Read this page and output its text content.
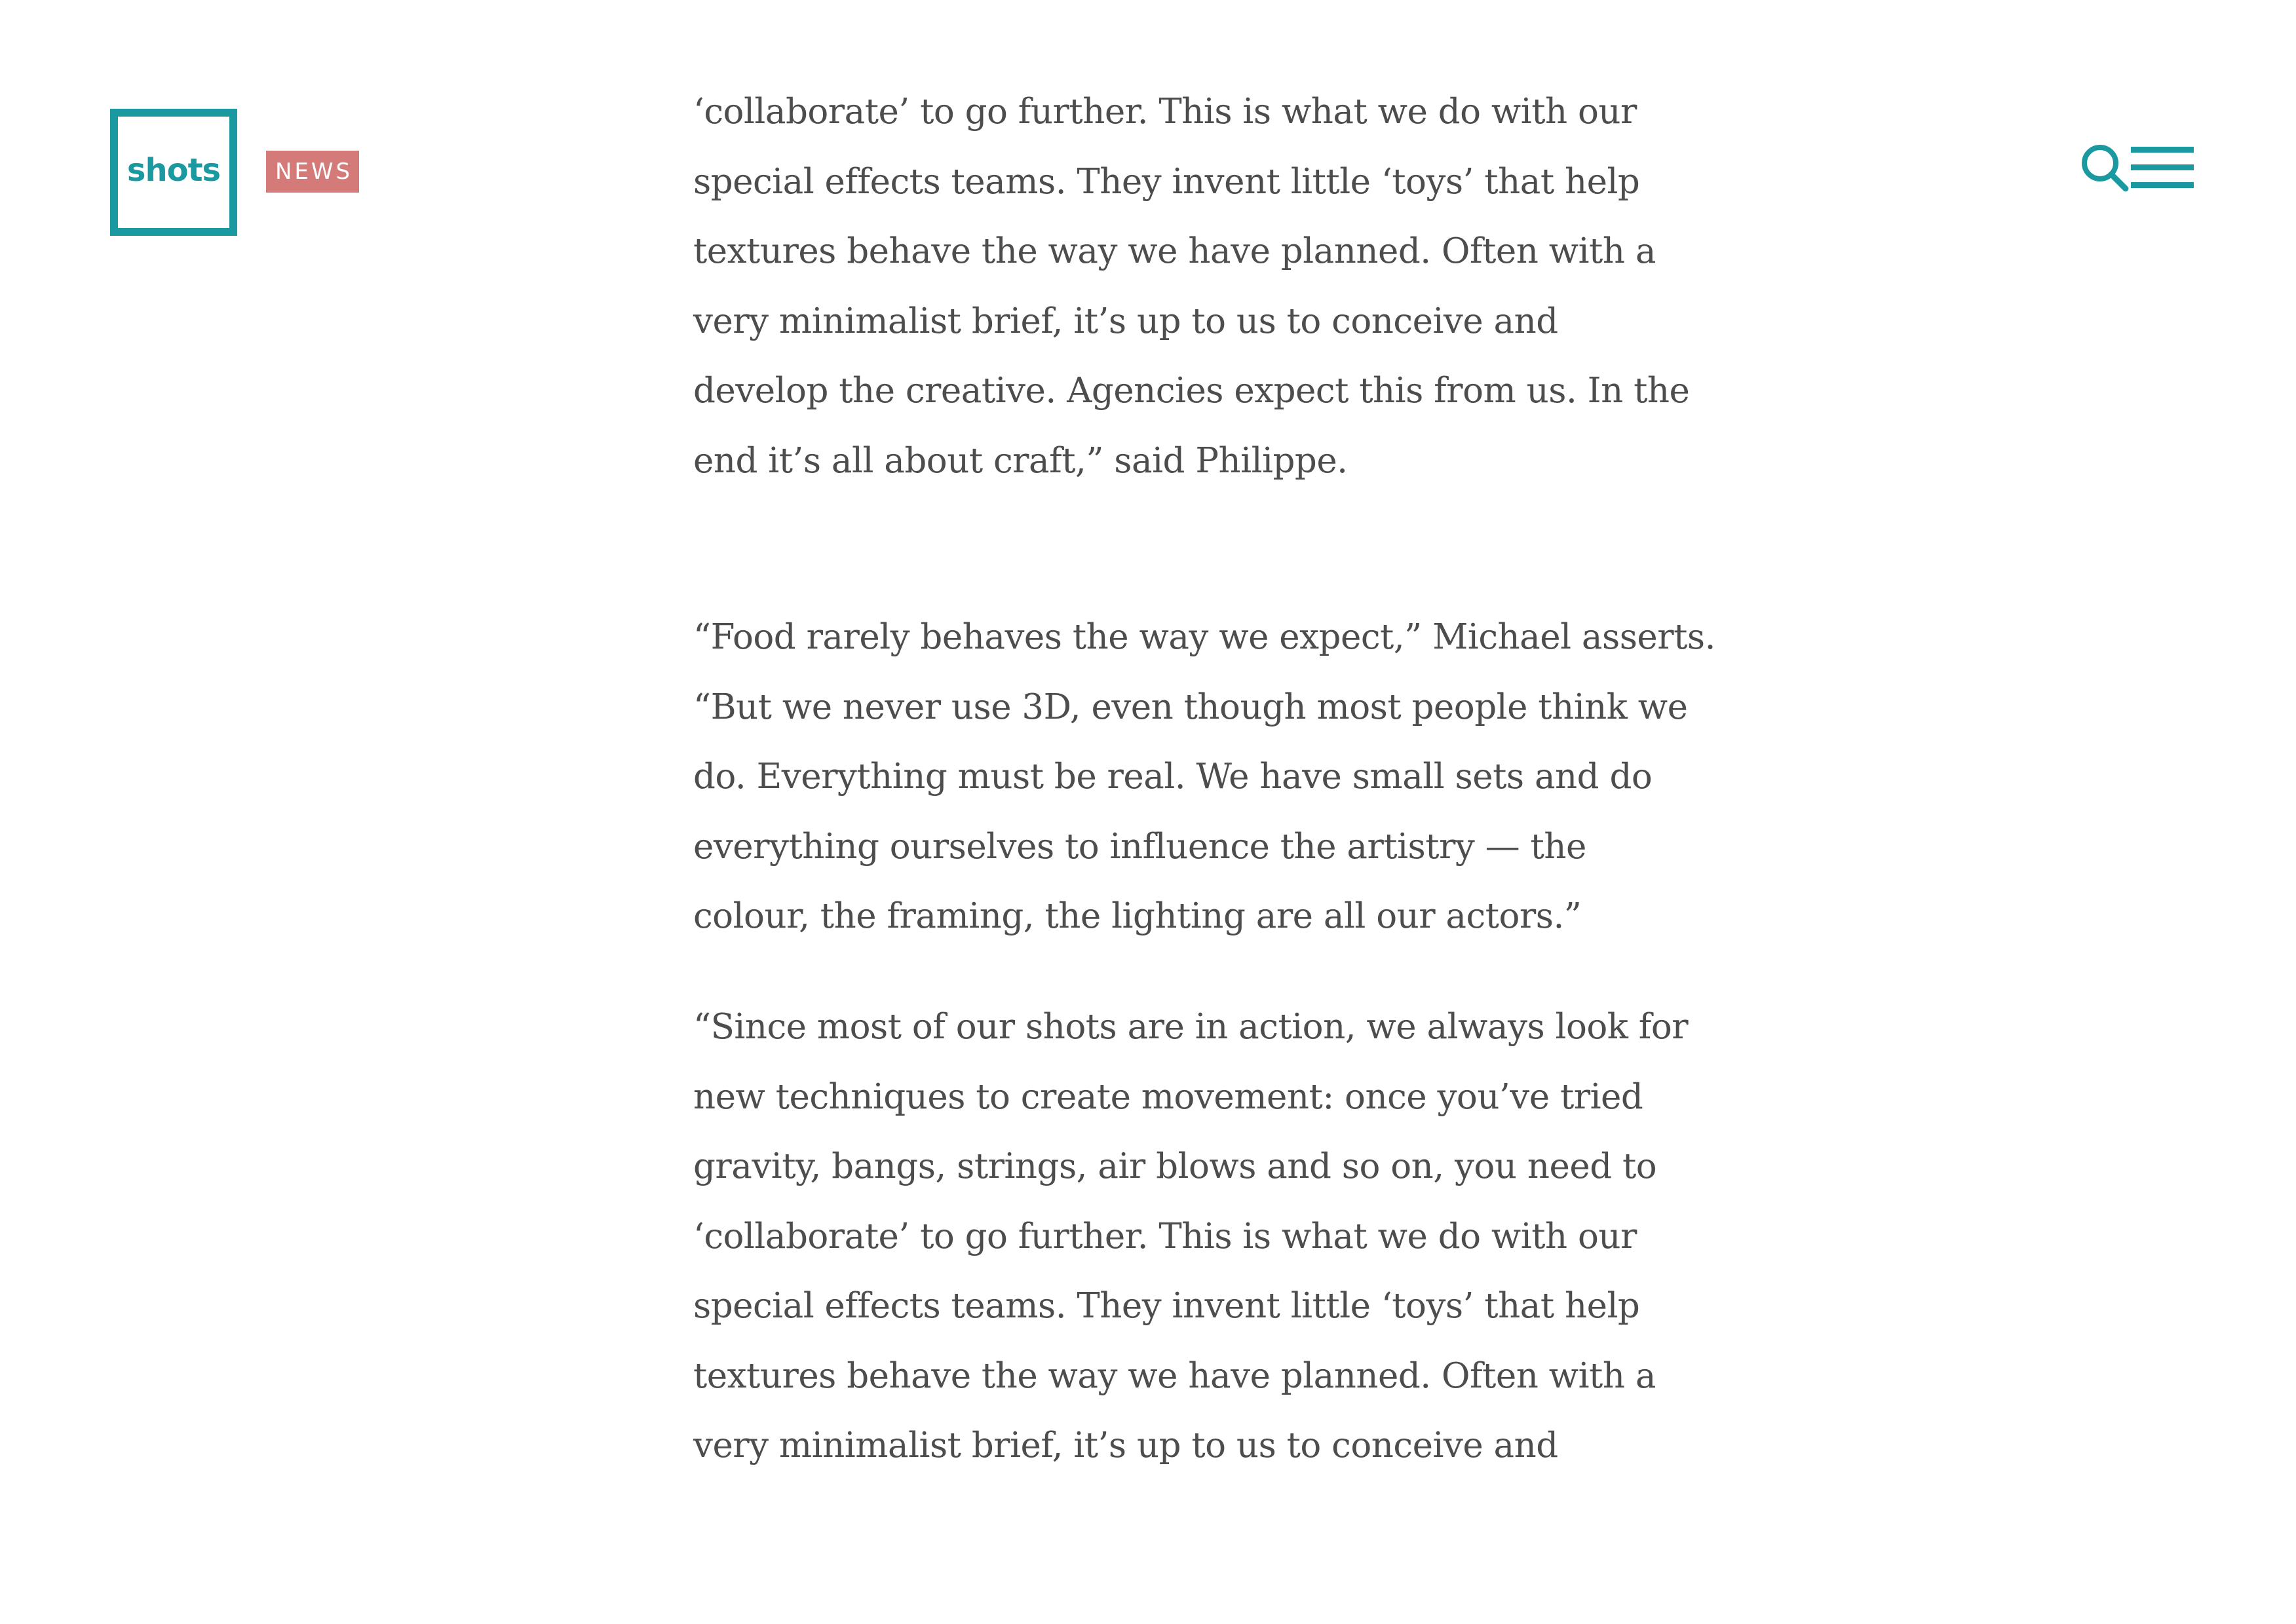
shots NEWS

‘collaborate’ to go further. This is what we do with our
special effects teams. They invent little ‘toys’ that help
textures behave the way we have planned. Often with a
very minimalist brief, it’s up to us to conceive and
develop the creative. Agencies expect this from us. In the
end it’s all about craft,” said Philippe.

“Food rarely behaves the way we expect,” Michael asserts.
“But we never use 3D, even though most people think we
do. Everything must be real. We have small sets and do
everything ourselves to influence the artistry — the
colour, the framing, the lighting are all our actors.”

“Since most of our shots are in action, we always look for
new techniques to create movement: once you’ve tried
gravity, bangs, strings, air blows and so on, you need to
‘collaborate’ to go further. This is what we do with our
special effects teams. They invent little ‘toys’ that help
textures behave the way we have planned. Often with a
very minimalist brief, it’s up to us to conceive and
